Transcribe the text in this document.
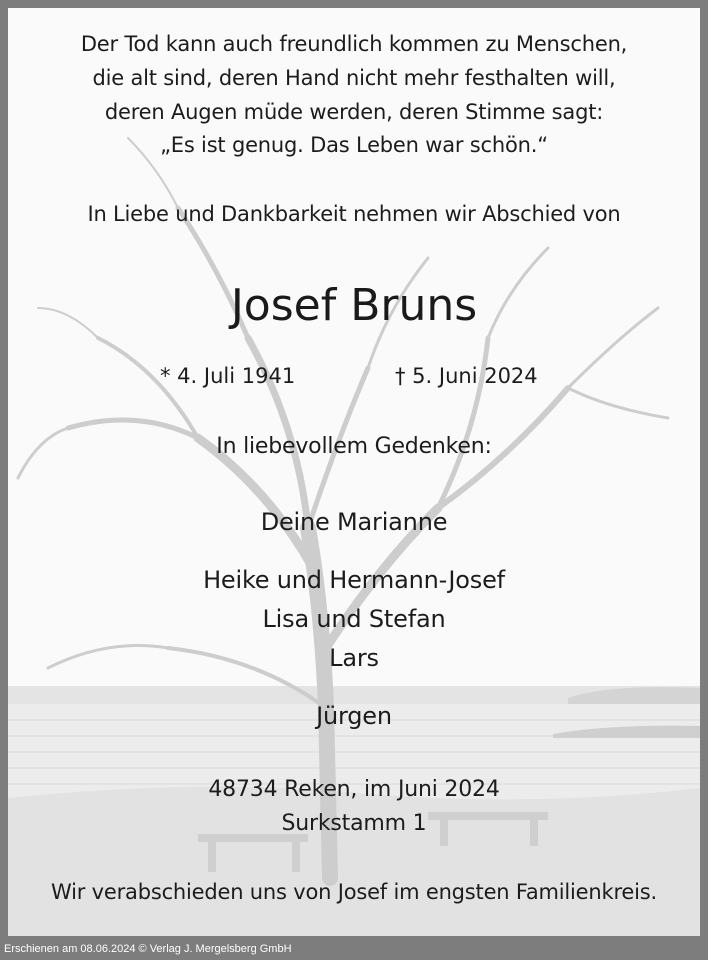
Der Tod kann auch freundlich kommen zu Menschen,
die alt sind, deren Hand nicht mehr festhalten will,
deren Augen müde werden, deren Stimme sagt:
„Es ist genug. Das Leben war schön.“
In Liebe und Dankbarkeit nehmen wir Abschied von
Josef Bruns
* 4. Juli 1941	† 5. Juni 2024
In liebevollem Gedenken:
Deine Marianne
Heike und Hermann-Josef
Lisa und Stefan
Lars
Jürgen
48734 Reken, im Juni 2024
Surkstamm 1
Wir verabschieden uns von Josef im engsten Familienkreis.
Erschienen am 08.06.2024 © Verlag J. Mergelsberg GmbH
